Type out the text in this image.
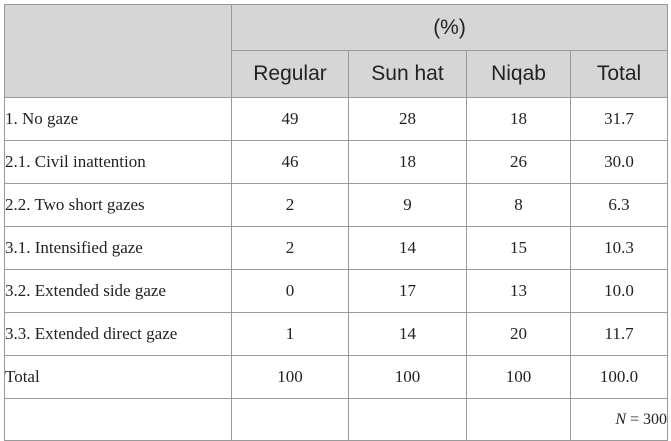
	(%)			
	Regular	Sun hat	Niqab	Total
1. No gaze	49	28	18	31.7
2.1. Civil inattention	46	18	26	30.0
2.2. Two short gazes	2	9	8	6.3
3.1. Intensified gaze	2	14	15	10.3
3.2. Extended side gaze	0	17	13	10.0
3.3. Extended direct gaze	1	14	20	11.7
Total	100	100	100	100.0
				N = 300
